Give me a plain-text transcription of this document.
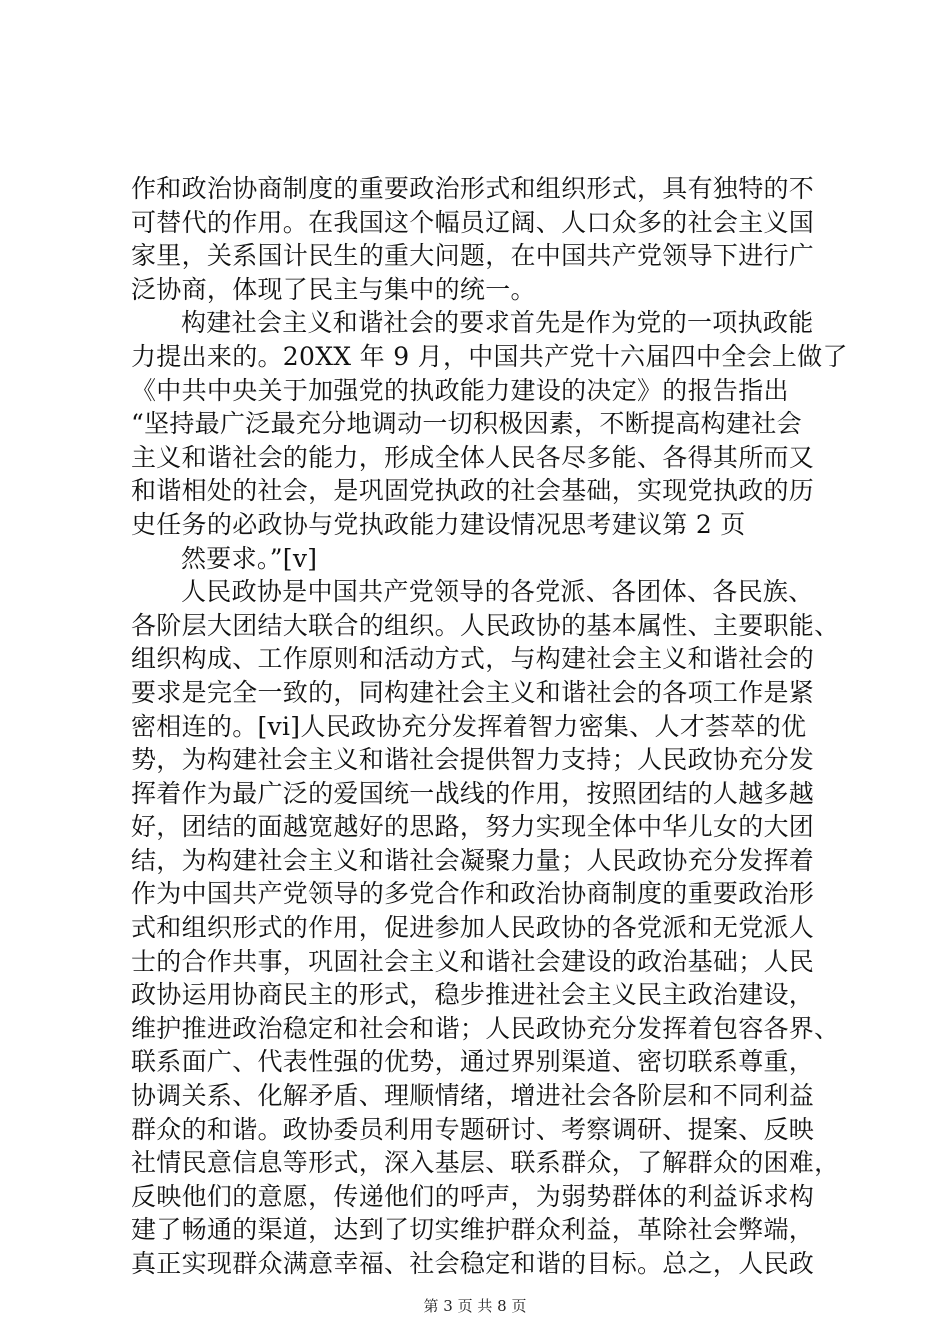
作和政治协商制度的重要政治形式和组织形式，具有独特的不
可替代的作用。在我国这个幅员辽阔、人口众多的社会主义国
家里，关系国计民生的重大问题，在中国共产党领导下进行广
泛协商，体现了民主与集中的统一。
构建社会主义和谐社会的要求首先是作为党的一项执政能
力提出来的。20XX 年 9 月，中国共产党十六届四中全会上做了
《中共中央关于加强党的执政能力建设的决定》的报告指出
“坚持最广泛最充分地调动一切积极因素，不断提高构建社会
主义和谐社会的能力，形成全体人民各尽多能、各得其所而又
和谐相处的社会，是巩固党执政的社会基础，实现党执政的历
史任务的必政协与党执政能力建设情况思考建议第 2 页
然要求。”[v]
人民政协是中国共产党领导的各党派、各团体、各民族、
各阶层大团结大联合的组织。人民政协的基本属性、主要职能、
组织构成、工作原则和活动方式，与构建社会主义和谐社会的
要求是完全一致的，同构建社会主义和谐社会的各项工作是紧
密相连的。[vi]人民政协充分发挥着智力密集、人才荟萃的优
势，为构建社会主义和谐社会提供智力支持；人民政协充分发
挥着作为最广泛的爱国统一战线的作用，按照团结的人越多越
好，团结的面越宽越好的思路，努力实现全体中华儿女的大团
结，为构建社会主义和谐社会凝聚力量；人民政协充分发挥着
作为中国共产党领导的多党合作和政治协商制度的重要政治形
式和组织形式的作用，促进参加人民政协的各党派和无党派人
士的合作共事，巩固社会主义和谐社会建设的政治基础；人民
政协运用协商民主的形式，稳步推进社会主义民主政治建设，
维护推进政治稳定和社会和谐；人民政协充分发挥着包容各界、
联系面广、代表性强的优势，通过界别渠道、密切联系尊重，
协调关系、化解矛盾、理顺情绪，增进社会各阶层和不同利益
群众的和谐。政协委员利用专题研讨、考察调研、提案、反映
社情民意信息等形式，深入基层、联系群众，了解群众的困难，
反映他们的意愿，传递他们的呼声，为弱势群体的利益诉求构
建了畅通的渠道，达到了切实维护群众利益，革除社会弊端，
真正实现群众满意幸福、社会稳定和谐的目标。总之，人民政
第 3 页 共 8 页
